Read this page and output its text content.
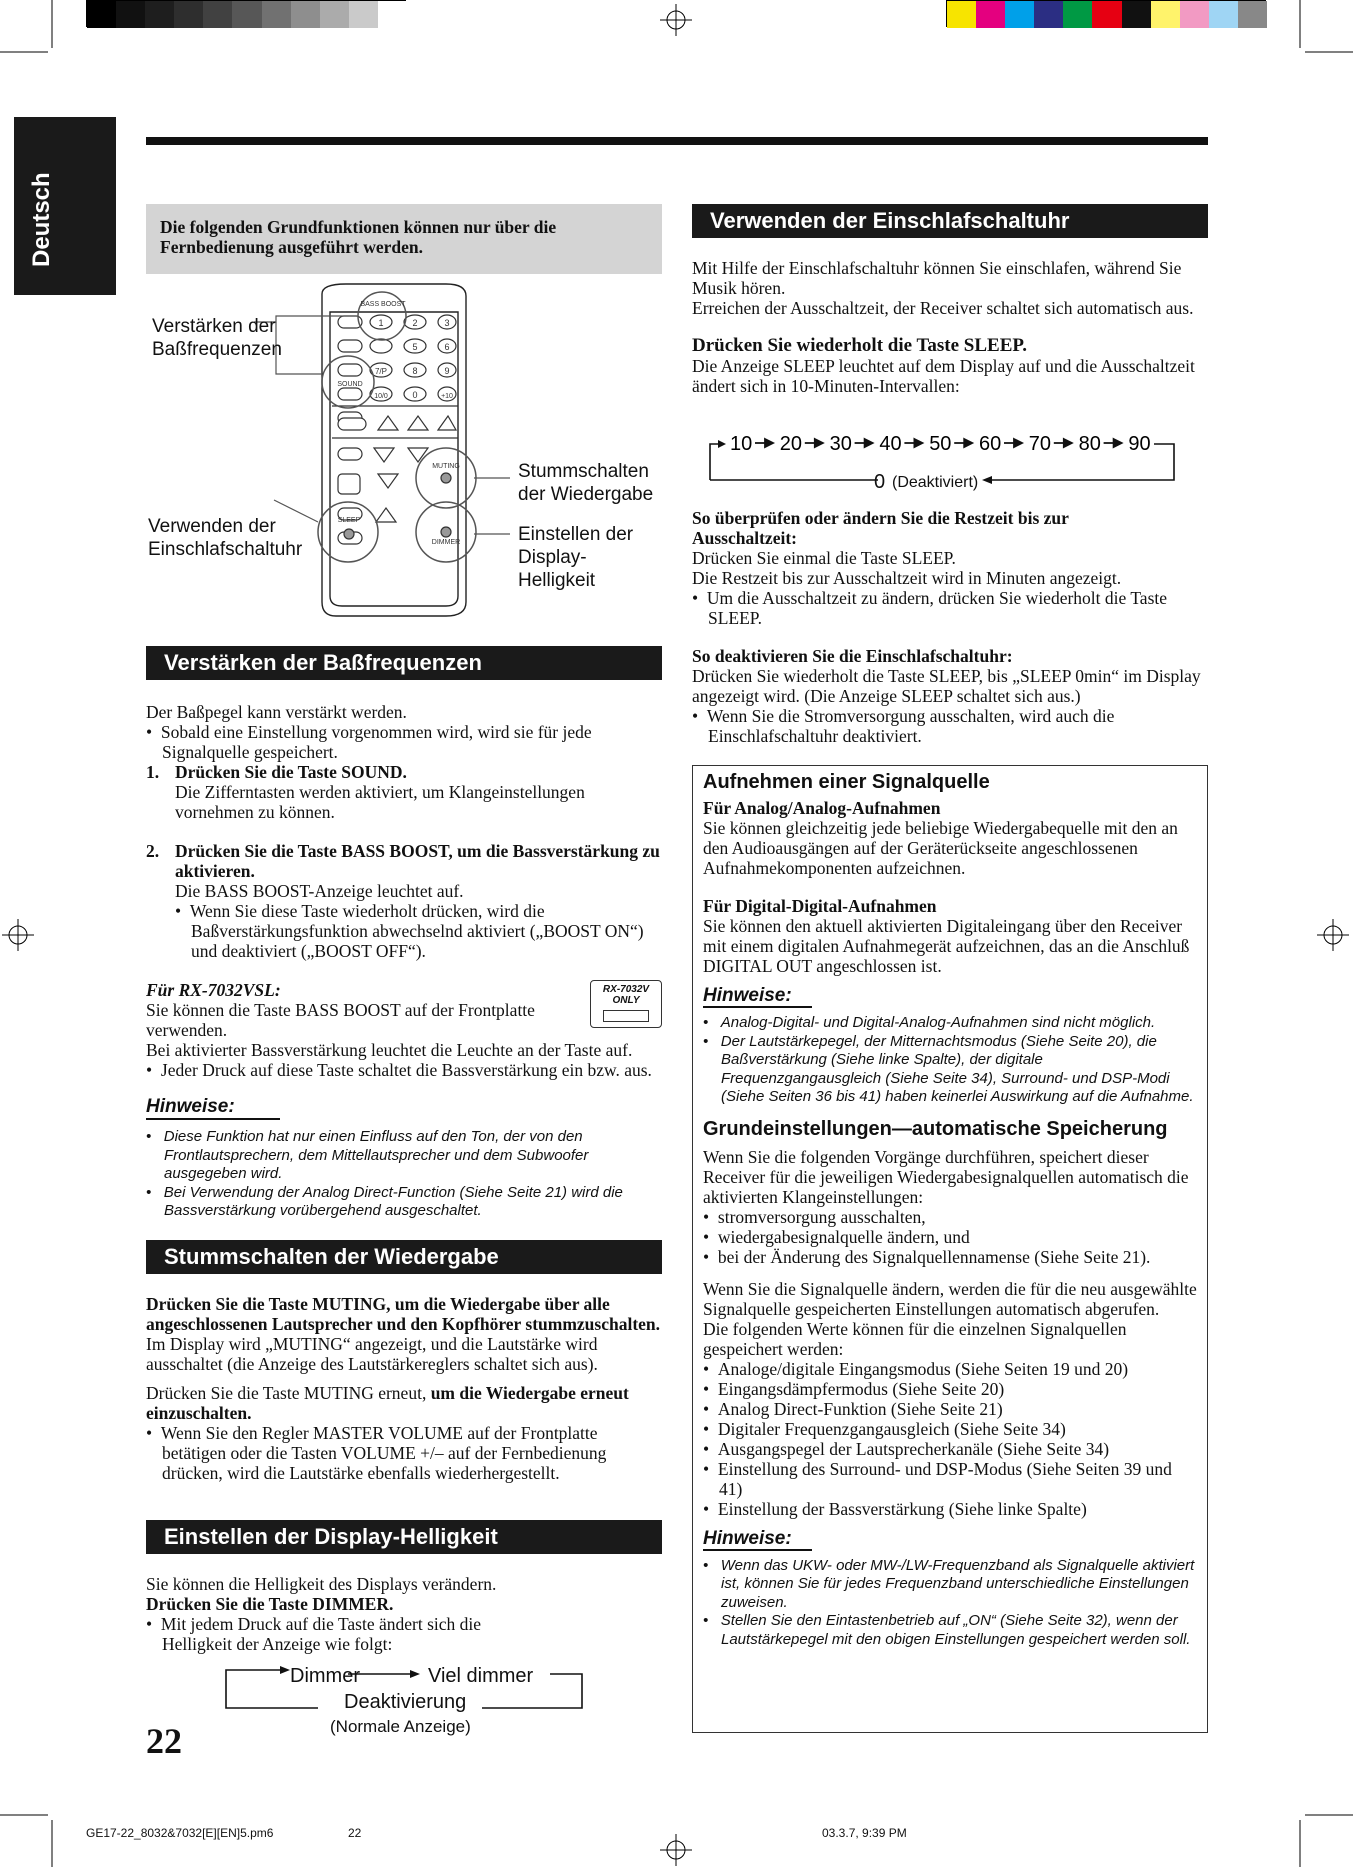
Deutsch	Die folgenden Grundfunktionen können nur über die Fernbedienung ausgeführt werden.
BASS BOOST
1	2	3
5	6
7/P	8	9
SOUND
10/0	0	+10
MUTING
SLEEP
DIMMER
Verstärken der Baßfrequenzen
Verwenden der Einschlafschaltuhr
Stummschalten der Wiedergabe
Einstellen der Display-Helligkeit
Verstärken der Baßfrequenzen
Der Baßpegel kann verstärkt werden.
•  Sobald eine Einstellung vorgenommen wird, wird sie für jede Signalquelle gespeichert.
1. Drücken Sie die Taste SOUND.
Die Zifferntasten werden aktiviert, um Klangeinstellungen vornehmen zu können.
2. Drücken Sie die Taste BASS BOOST, um die Bassverstärkung zu aktivieren.
Die BASS BOOST-Anzeige leuchtet auf.
•  Wenn Sie diese Taste wiederholt drücken, wird die Baßverstärkungsfunktion abwechselnd aktiviert („BOOST ON“) und deaktiviert („BOOST OFF“).
Für RX-7032VSL:
Sie können die Taste BASS BOOST auf der Frontplatte verwenden.
Bei aktivierter Bassverstärkung leuchtet die Leuchte an der Taste auf.
•  Jeder Druck auf diese Taste schaltet die Bassverstärkung ein bzw. aus.
RX-7032V
ONLY
Hinweise:
•   Diese Funktion hat nur einen Einfluss auf den Ton, der von den Frontlautsprechern, dem Mittellautsprecher und dem Subwoofer ausgegeben wird.
•   Bei Verwendung der Analog Direct-Function (Siehe Seite 21) wird die Bassverstärkung vorübergehend ausgeschaltet.
Stummschalten der Wiedergabe
Drücken Sie die Taste MUTING, um die Wiedergabe über alle angeschlossenen Lautsprecher und den Kopfhörer stummzuschalten.
Im Display wird „MUTING“ angezeigt, und die Lautstärke wird ausschaltet (die Anzeige des Lautstärkereglers schaltet sich aus).
Drücken Sie die Taste MUTING erneut, um die Wiedergabe erneut einzuschalten.
•  Wenn Sie den Regler MASTER VOLUME auf der Frontplatte betätigen oder die Tasten VOLUME +/– auf der Fernbedienung drücken, wird die Lautstärke ebenfalls wiederhergestellt.
Einstellen der Display-Helligkeit
Sie können die Helligkeit des Displays verändern.
Drücken Sie die Taste DIMMER.
•  Mit jedem Druck auf die Taste ändert sich die Helligkeit der Anzeige wie folgt:
Dimmer	Viel dimmer
Deaktivierung
(Normale Anzeige)
22
Verwenden der Einschlafschaltuhr
Mit Hilfe der Einschlafschaltuhr können Sie einschlafen, während Sie Musik hören.
Erreichen der Ausschaltzeit, der Receiver schaltet sich automatisch aus.
Drücken Sie wiederholt die Taste SLEEP.
Die Anzeige SLEEP leuchtet auf dem Display auf und die Ausschaltzeit ändert sich in 10-Minuten-Intervallen:
10 20 30 40 50 60 70 80 90
0 (Deaktiviert)
So überprüfen oder ändern Sie die Restzeit bis zur Ausschaltzeit:
Drücken Sie einmal die Taste SLEEP.
Die Restzeit bis zur Ausschaltzeit wird in Minuten angezeigt.
•  Um die Ausschaltzeit zu ändern, drücken Sie wiederholt die Taste SLEEP.
So deaktivieren Sie die Einschlafschaltuhr:
Drücken Sie wiederholt die Taste SLEEP, bis „SLEEP 0min“ im Display angezeigt wird. (Die Anzeige SLEEP schaltet sich aus.)
•  Wenn Sie die Stromversorgung ausschalten, wird auch die Einschlafschaltuhr deaktiviert.
Aufnehmen einer Signalquelle
Für Analog/Analog-Aufnahmen
Sie können gleichzeitig jede beliebige Wiedergabequelle mit den an den Audioausgängen auf der Geräterückseite angeschlossenen Aufnahmekomponenten aufzeichnen.
Für Digital-Digital-Aufnahmen
Sie können den aktuell aktivierten Digitaleingang über den Receiver mit einem digitalen Aufnahmegerät aufzeichnen, das an die Anschluß DIGITAL OUT angeschlossen ist.
Hinweise:
•   Analog-Digital- und Digital-Analog-Aufnahmen sind nicht möglich.
•   Der Lautstärkepegel, der Mitternachtsmodus (Siehe Seite 20), die Baßverstärkung (Siehe linke Spalte), der digitale Frequenzgangausgleich (Siehe Seite 34), Surround- und DSP-Modi (Siehe Seiten 36 bis 41) haben keinerlei Auswirkung auf die Aufnahme.
Grundeinstellungen—automatische Speicherung
Wenn Sie die folgenden Vorgänge durchführen, speichert dieser Receiver für die jeweiligen Wiedergabesignalquellen automatisch die aktivierten Klangeinstellungen:
•  stromversorgung ausschalten,
•  wiedergabesignalquelle ändern, und
•  bei der Änderung des Signalquellennamense (Siehe Seite 21).
Wenn Sie die Signalquelle ändern, werden die für die neu ausgewählte Signalquelle gespeicherten Einstellungen automatisch abgerufen.
Die folgenden Werte können für die einzelnen Signalquellen gespeichert werden:
•  Analoge/digitale Eingangsmodus (Siehe Seiten 19 und 20)
•  Eingangsdämpfermodus (Siehe Seite 20)
•  Analog Direct-Funktion (Siehe Seite 21)
•  Digitaler Frequenzgangausgleich (Siehe Seite 34)
•  Ausgangspegel der Lautsprecherkanäle (Siehe Seite 34)
•  Einstellung des Surround- und DSP-Modus (Siehe Seiten 39 und 41)
•  Einstellung der Bassverstärkung (Siehe linke Spalte)
Hinweise:
•   Wenn das UKW- oder MW-/LW-Frequenzband als Signalquelle aktiviert ist, können Sie für jedes Frequenzband unterschiedliche Einstellungen zuweisen.
•   Stellen Sie den Eintastenbetrieb auf „ON“ (Siehe Seite 32), wenn der Lautstärkepegel mit den obigen Einstellungen gespeichert werden soll.
GE17-22_8032&7032[E][EN]5.pm6	22	03.3.7, 9:39 PM
